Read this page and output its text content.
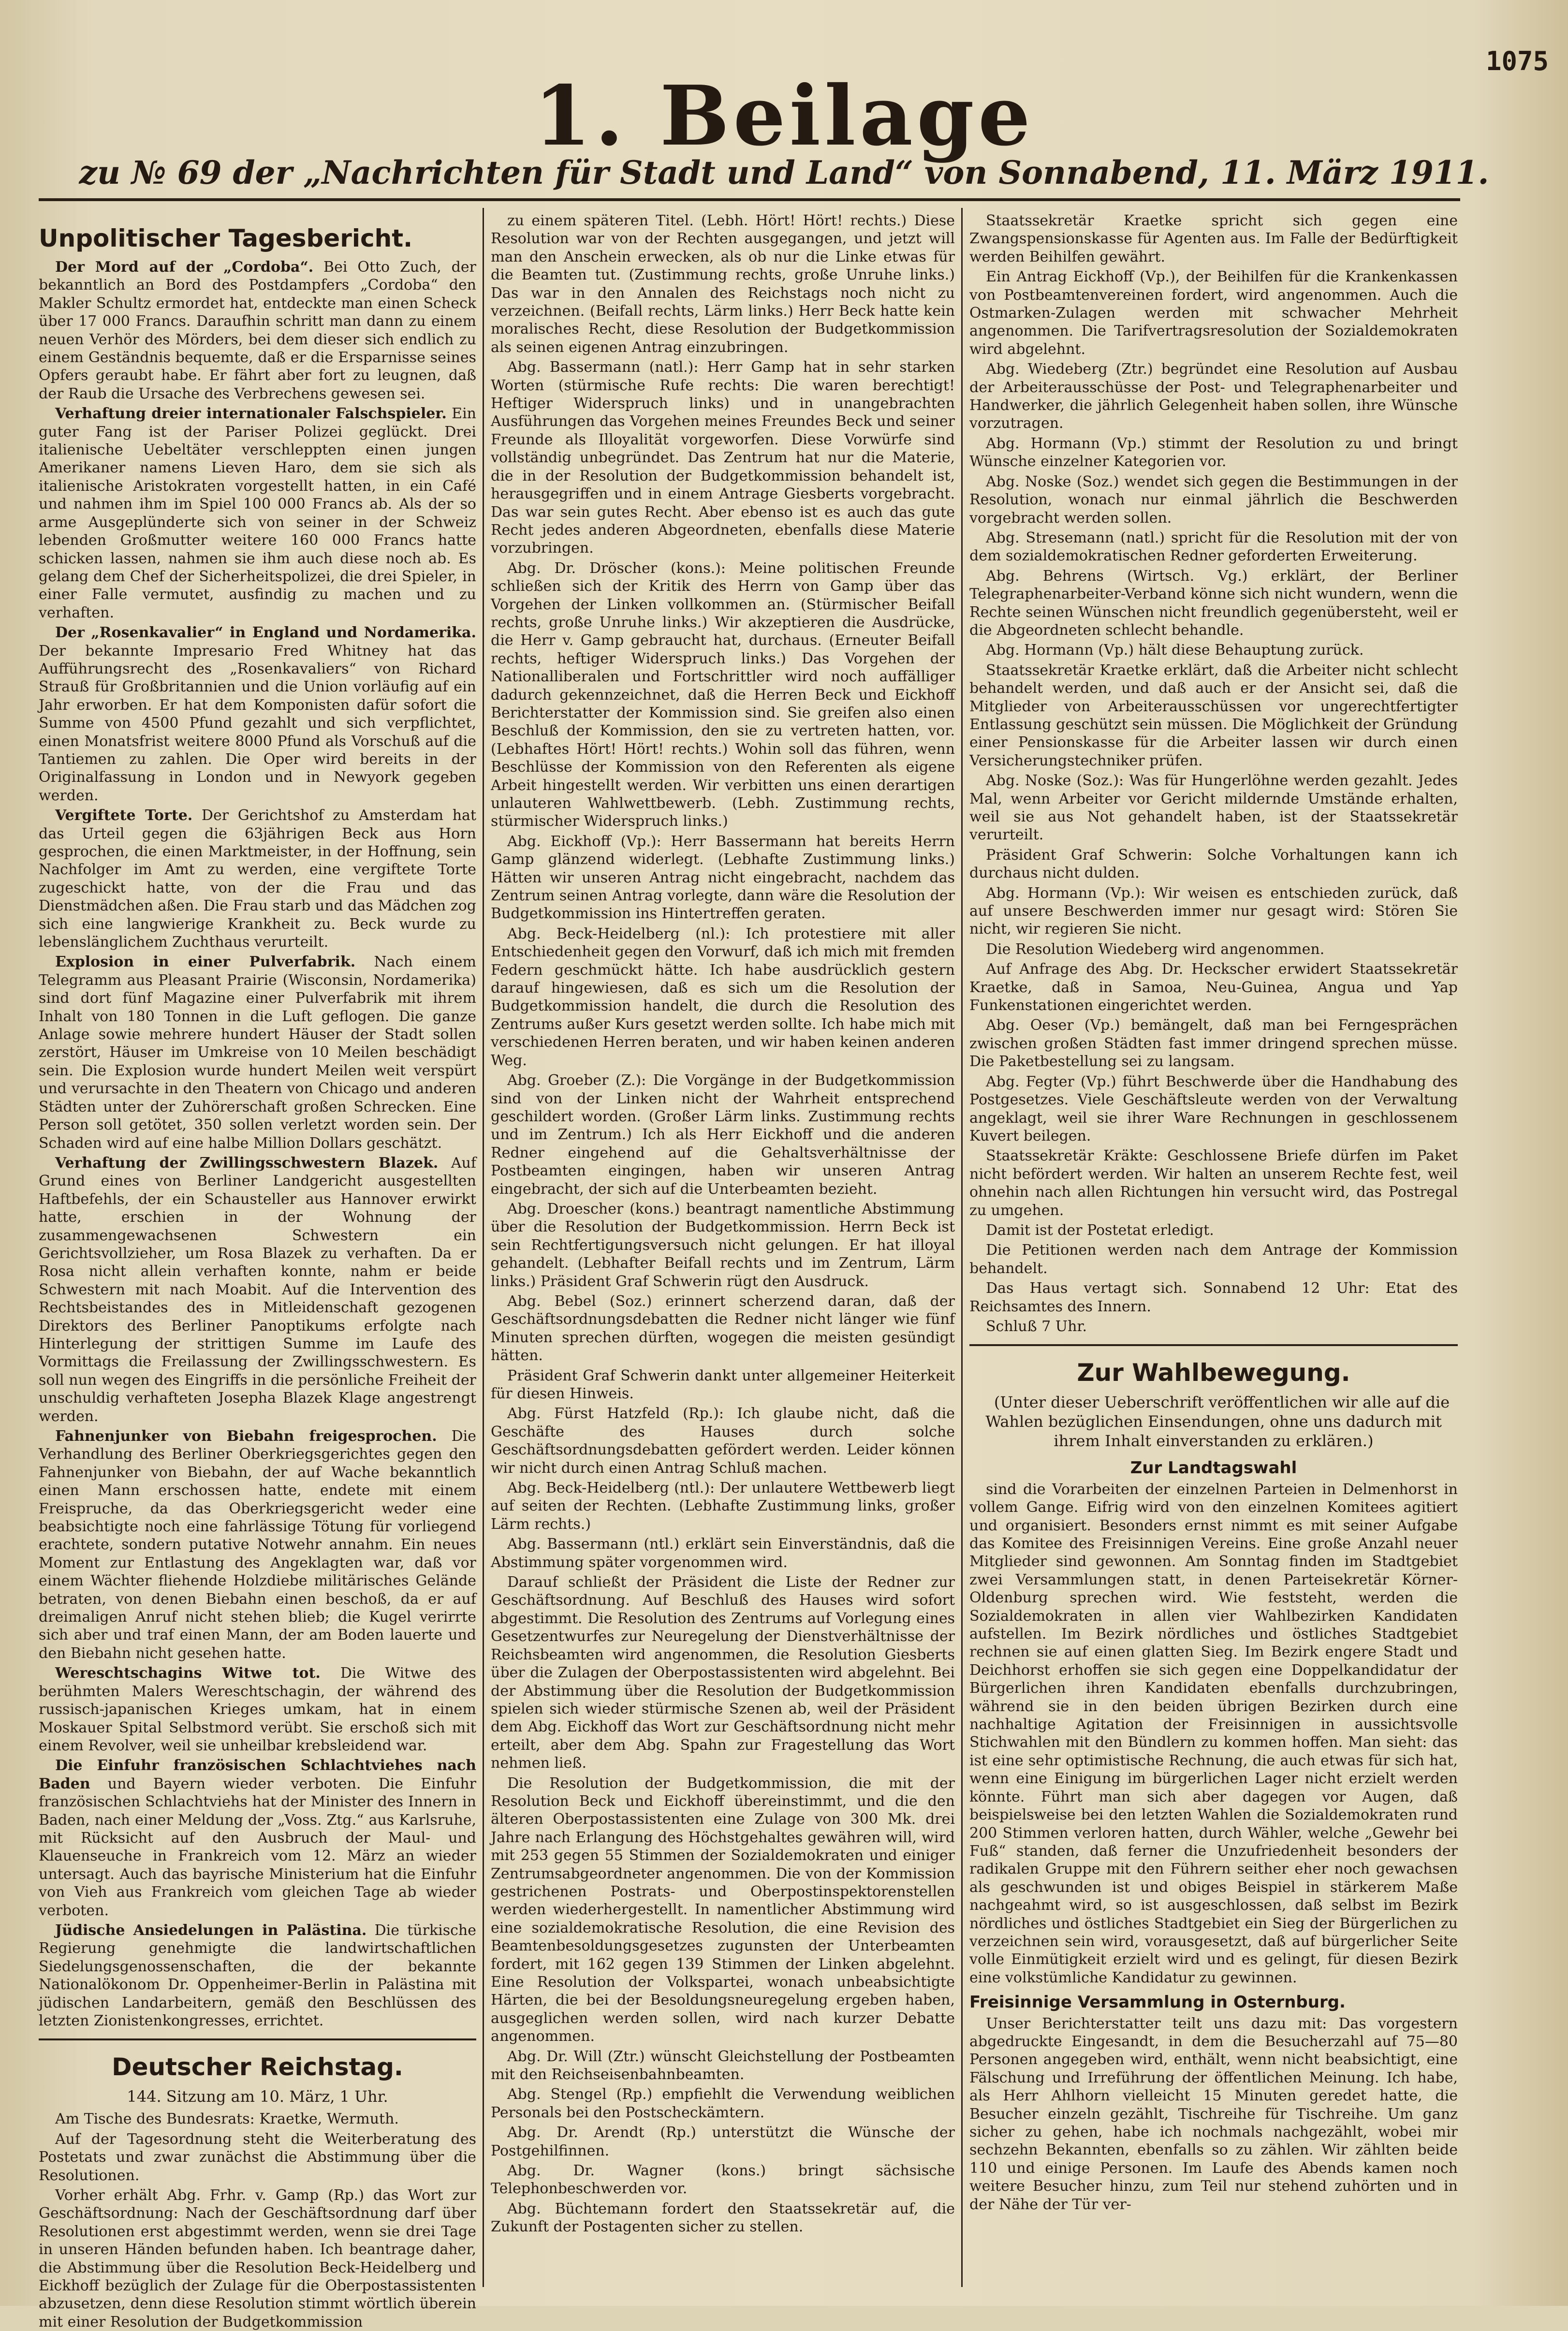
1075
1. Beilage
zu № 69 der „Nachrichten für Stadt und Land“ von Sonnabend, 11. März 1911.
Unpolitischer Tagesbericht.

Der Mord auf der „Cordoba“. Bei Otto Zuch, der bekanntlich an Bord des Postdampfers „Cordoba“ den Makler Schultz ermordet hat, entdeckte man einen Scheck über 17 000 Francs. Daraufhin schritt man dann zu einem neuen Verhör des Mörders, bei dem dieser sich endlich zu einem Geständnis bequemte, daß er die Ersparnisse seines Opfers geraubt habe. Er fährt aber fort zu leugnen, daß der Raub die Ursache des Verbrechens gewesen sei.

Verhaftung dreier internationaler Falschspieler. Ein guter Fang ist der Pariser Polizei geglückt. Drei italienische Uebeltäter verschleppten einen jungen Amerikaner namens Lieven Haro, dem sie sich als italienische Aristokraten vorgestellt hatten, in ein Café und nahmen ihm im Spiel 100 000 Francs ab. Als der so arme Ausgeplünderte sich von seiner in der Schweiz lebenden Großmutter weitere 160 000 Francs hatte schicken lassen, nahmen sie ihm auch diese noch ab. Es gelang dem Chef der Sicherheitspolizei, die drei Spieler, in einer Falle vermutet, ausfindig zu machen und zu verhaften.

Der „Rosenkavalier“ in England und Nordamerika. Der bekannte Impresario Fred Whitney hat das Aufführungsrecht des „Rosenkavaliers“ von Richard Strauß für Großbritannien und die Union vorläufig auf ein Jahr erworben. Er hat dem Komponisten dafür sofort die Summe von 4500 Pfund gezahlt und sich verpflichtet, einen Monatsfrist weitere 8000 Pfund als Vorschuß auf die Tantiemen zu zahlen. Die Oper wird bereits in der Originalfassung in London und in Newyork gegeben werden.

Vergiftete Torte. Der Gerichtshof zu Amsterdam hat das Urteil gegen die 63jährigen Beck aus Horn gesprochen, die einen Marktmeister, in der Hoffnung, sein Nachfolger im Amt zu werden, eine vergiftete Torte zugeschickt hatte, von der die Frau und das Dienstmädchen aßen. Die Frau starb und das Mädchen zog sich eine langwierige Krankheit zu. Beck wurde zu lebenslänglichem Zuchthaus verurteilt.

Explosion in einer Pulverfabrik. Nach einem Telegramm aus Pleasant Prairie (Wisconsin, Nordamerika) sind dort fünf Magazine einer Pulverfabrik mit ihrem Inhalt von 180 Tonnen in die Luft geflogen. Die ganze Anlage sowie mehrere hundert Häuser der Stadt sollen zerstört, Häuser im Umkreise von 10 Meilen beschädigt sein. Die Explosion wurde hundert Meilen weit verspürt und verursachte in den Theatern von Chicago und anderen Städten unter der Zuhörerschaft großen Schrecken. Eine Person soll getötet, 350 sollen verletzt worden sein. Der Schaden wird auf eine halbe Million Dollars geschätzt.

Verhaftung der Zwillingsschwestern Blazek. Auf Grund eines von Berliner Landgericht ausgestellten Haftbefehls, der ein Schausteller aus Hannover erwirkt hatte, erschien in der Wohnung der zusammengewachsenen Schwestern ein Gerichtsvollzieher, um Rosa Blazek zu verhaften. Da er Rosa nicht allein verhaften konnte, nahm er beide Schwestern mit nach Moabit. Auf die Intervention des Rechtsbeistandes des in Mitleidenschaft gezogenen Direktors des Berliner Panoptikums erfolgte nach Hinterlegung der strittigen Summe im Laufe des Vormittags die Freilassung der Zwillingsschwestern. Es soll nun wegen des Eingriffs in die persönliche Freiheit der unschuldig verhafteten Josepha Blazek Klage angestrengt werden.

Fahnenjunker von Biebahn freigesprochen. Die Verhandlung des Berliner Oberkriegsgerichtes gegen den Fahnenjunker von Biebahn, der auf Wache bekanntlich einen Mann erschossen hatte, endete mit einem Freispruche, da das Oberkriegsgericht weder eine beabsichtigte noch eine fahrlässige Tötung für vorliegend erachtete, sondern putative Notwehr annahm. Ein neues Moment zur Entlastung des Angeklagten war, daß vor einem Wächter fliehende Holzdiebe militärisches Gelände betraten, von denen Biebahn einen beschoß, da er auf dreimaligen Anruf nicht stehen blieb; die Kugel verirrte sich aber und traf einen Mann, der am Boden lauerte und den Biebahn nicht gesehen hatte.

Wereschtschagins Witwe tot. Die Witwe des berühmten Malers Wereschtschagin, der während des russisch-japanischen Krieges umkam, hat in einem Moskauer Spital Selbstmord verübt. Sie erschoß sich mit einem Revolver, weil sie unheilbar krebsleidend war.

Die Einfuhr französischen Schlachtviehes nach Baden und Bayern wieder verboten. Die Einfuhr französischen Schlachtviehs hat der Minister des Innern in Baden, nach einer Meldung der „Voss. Ztg.“ aus Karlsruhe, mit Rücksicht auf den Ausbruch der Maul- und Klauenseuche in Frankreich vom 12. März an wieder untersagt. Auch das bayrische Ministerium hat die Einfuhr von Vieh aus Frankreich vom gleichen Tage ab wieder verboten.

Jüdische Ansiedelungen in Palästina. Die türkische Regierung genehmigte die landwirtschaftlichen Siedelungsgenossenschaften, die der bekannte Nationalökonom Dr. Oppenheimer-Berlin in Palästina mit jüdischen Landarbeitern, gemäß den Beschlüssen des letzten Zionistenkongresses, errichtet.

Deutscher Reichstag.
144. Sitzung am 10. März, 1 Uhr.

Am Tische des Bundesrats: Kraetke, Wermuth.

Auf der Tagesordnung steht die Weiterberatung des Postetats und zwar zunächst die Abstimmung über die Resolutionen.

Vorher erhält Abg. Frhr. v. Gamp (Rp.) das Wort zur Geschäftsordnung: Nach der Geschäftsordnung darf über Resolutionen erst abgestimmt werden, wenn sie drei Tage in unseren Händen befunden haben. Ich beantrage daher, die Abstimmung über die Resolution Beck-Heidelberg und Eickhoff bezüglich der Zulage für die Oberpostassistenten abzusetzen, denn diese Resolution stimmt wörtlich überein mit einer Resolution der Budgetkommission

zu einem späteren Titel. (Lebh. Hört! Hört! rechts.) Diese Resolution war von der Rechten ausgegangen, und jetzt will man den Anschein erwecken, als ob nur die Linke etwas für die Beamten tut. (Zustimmung rechts, große Unruhe links.) Das war in den Annalen des Reichstags noch nicht zu verzeichnen. (Beifall rechts, Lärm links.) Herr Beck hatte kein moralisches Recht, diese Resolution der Budgetkommission als seinen eigenen Antrag einzubringen.

Abg. Bassermann (natl.): Herr Gamp hat in sehr starken Worten (stürmische Rufe rechts: Die waren berechtigt! Heftiger Widerspruch links) und in unangebrachten Ausführungen das Vorgehen meines Freundes Beck und seiner Freunde als Illoyalität vorgeworfen. Diese Vorwürfe sind vollständig unbegründet. Das Zentrum hat nur die Materie, die in der Resolution der Budgetkommission behandelt ist, herausgegriffen und in einem Antrage Giesberts vorgebracht. Das war sein gutes Recht. Aber ebenso ist es auch das gute Recht jedes anderen Abgeordneten, ebenfalls diese Materie vorzubringen.

Abg. Dr. Dröscher (kons.): Meine politischen Freunde schließen sich der Kritik des Herrn von Gamp über das Vorgehen der Linken vollkommen an. (Stürmischer Beifall rechts, große Unruhe links.) Wir akzeptieren die Ausdrücke, die Herr v. Gamp gebraucht hat, durchaus. (Erneuter Beifall rechts, heftiger Widerspruch links.) Das Vorgehen der Nationalliberalen und Fortschrittler wird noch auffälliger dadurch gekennzeichnet, daß die Herren Beck und Eickhoff Berichterstatter der Kommission sind. Sie greifen also einen Beschluß der Kommission, den sie zu vertreten hatten, vor. (Lebhaftes Hört! Hört! rechts.) Wohin soll das führen, wenn Beschlüsse der Kommission von den Referenten als eigene Arbeit hingestellt werden. Wir verbitten uns einen derartigen unlauteren Wahlwettbewerb. (Lebh. Zustimmung rechts, stürmischer Widerspruch links.)

Abg. Eickhoff (Vp.): Herr Bassermann hat bereits Herrn Gamp glänzend widerlegt. (Lebhafte Zustimmung links.) Hätten wir unseren Antrag nicht eingebracht, nachdem das Zentrum seinen Antrag vorlegte, dann wäre die Resolution der Budgetkommission ins Hintertreffen geraten.

Abg. Beck-Heidelberg (nl.): Ich protestiere mit aller Entschiedenheit gegen den Vorwurf, daß ich mich mit fremden Federn geschmückt hätte. Ich habe ausdrücklich gestern darauf hingewiesen, daß es sich um die Resolution der Budgetkommission handelt, die durch die Resolution des Zentrums außer Kurs gesetzt werden sollte. Ich habe mich mit verschiedenen Herren beraten, und wir haben keinen anderen Weg.

Abg. Groeber (Z.): Die Vorgänge in der Budgetkommission sind von der Linken nicht der Wahrheit entsprechend geschildert worden. (Großer Lärm links. Zustimmung rechts und im Zentrum.) Ich als Herr Eickhoff und die anderen Redner eingehend auf die Gehaltsverhältnisse der Postbeamten eingingen, haben wir unseren Antrag eingebracht, der sich auf die Unterbeamten bezieht.

Abg. Droescher (kons.) beantragt namentliche Abstimmung über die Resolution der Budgetkommission. Herrn Beck ist sein Rechtfertigungsversuch nicht gelungen. Er hat illoyal gehandelt. (Lebhafter Beifall rechts und im Zentrum, Lärm links.) Präsident Graf Schwerin rügt den Ausdruck.

Abg. Bebel (Soz.) erinnert scherzend daran, daß der Geschäftsordnungsdebatten die Redner nicht länger wie fünf Minuten sprechen dürften, wogegen die meisten gesündigt hätten.

Präsident Graf Schwerin dankt unter allgemeiner Heiterkeit für diesen Hinweis.

Abg. Fürst Hatzfeld (Rp.): Ich glaube nicht, daß die Geschäfte des Hauses durch solche Geschäftsordnungsdebatten gefördert werden. Leider können wir nicht durch einen Antrag Schluß machen.

Abg. Beck-Heidelberg (ntl.): Der unlautere Wettbewerb liegt auf seiten der Rechten. (Lebhafte Zustimmung links, großer Lärm rechts.)

Abg. Bassermann (ntl.) erklärt sein Einverständnis, daß die Abstimmung später vorgenommen wird.

Darauf schließt der Präsident die Liste der Redner zur Geschäftsordnung. Auf Beschluß des Hauses wird sofort abgestimmt. Die Resolution des Zentrums auf Vorlegung eines Gesetzentwurfes zur Neuregelung der Dienstverhältnisse der Reichsbeamten wird angenommen, die Resolution Giesberts über die Zulagen der Oberpostassistenten wird abgelehnt. Bei der Abstimmung über die Resolution der Budgetkommission spielen sich wieder stürmische Szenen ab, weil der Präsident dem Abg. Eickhoff das Wort zur Geschäftsordnung nicht mehr erteilt, aber dem Abg. Spahn zur Fragestellung das Wort nehmen ließ.

Die Resolution der Budgetkommission, die mit der Resolution Beck und Eickhoff übereinstimmt, und die den älteren Oberpostassistenten eine Zulage von 300 Mk. drei Jahre nach Erlangung des Höchstgehaltes gewähren will, wird mit 253 gegen 55 Stimmen der Sozialdemokraten und einiger Zentrumsabgeordneter angenommen. Die von der Kommission gestrichenen Postrats- und Oberpostinspektorenstellen werden wiederhergestellt. In namentlicher Abstimmung wird eine sozialdemokratische Resolution, die eine Revision des Beamtenbesoldungsgesetzes zugunsten der Unterbeamten fordert, mit 162 gegen 139 Stimmen der Linken abgelehnt. Eine Resolution der Volkspartei, wonach unbeabsichtigte Härten, die bei der Besoldungsneuregelung ergeben haben, ausgeglichen werden sollen, wird nach kurzer Debatte angenommen.

Abg. Dr. Will (Ztr.) wünscht Gleichstellung der Postbeamten mit den Reichseisenbahnbeamten.

Abg. Stengel (Rp.) empfiehlt die Verwendung weiblichen Personals bei den Postscheckämtern.

Abg. Dr. Arendt (Rp.) unterstützt die Wünsche der Postgehilfinnen.

Abg. Dr. Wagner (kons.) bringt sächsische Telephonbeschwerden vor.

Abg. Büchtemann fordert den Staatssekretär auf, die Zukunft der Postagenten sicher zu stellen.

Staatssekretär Kraetke spricht sich gegen eine Zwangspensionskasse für Agenten aus. Im Falle der Bedürftigkeit werden Beihilfen gewährt.

Ein Antrag Eickhoff (Vp.), der Beihilfen für die Krankenkassen von Postbeamtenvereinen fordert, wird angenommen. Auch die Ostmarken-Zulagen werden mit schwacher Mehrheit angenommen. Die Tarifvertragsresolution der Sozialdemokraten wird abgelehnt.

Abg. Wiedeberg (Ztr.) begründet eine Resolution auf Ausbau der Arbeiterausschüsse der Post- und Telegraphenarbeiter und Handwerker, die jährlich Gelegenheit haben sollen, ihre Wünsche vorzutragen.

Abg. Hormann (Vp.) stimmt der Resolution zu und bringt Wünsche einzelner Kategorien vor.

Abg. Noske (Soz.) wendet sich gegen die Bestimmungen in der Resolution, wonach nur einmal jährlich die Beschwerden vorgebracht werden sollen.

Abg. Stresemann (natl.) spricht für die Resolution mit der von dem sozialdemokratischen Redner geforderten Erweiterung.

Abg. Behrens (Wirtsch. Vg.) erklärt, der Berliner Telegraphenarbeiter-Verband könne sich nicht wundern, wenn die Rechte seinen Wünschen nicht freundlich gegenübersteht, weil er die Abgeordneten schlecht behandle.

Abg. Hormann (Vp.) hält diese Behauptung zurück.

Staatssekretär Kraetke erklärt, daß die Arbeiter nicht schlecht behandelt werden, und daß auch er der Ansicht sei, daß die Mitglieder von Arbeiterausschüssen vor ungerechtfertigter Entlassung geschützt sein müssen. Die Möglichkeit der Gründung einer Pensionskasse für die Arbeiter lassen wir durch einen Versicherungstechniker prüfen.

Abg. Noske (Soz.): Was für Hungerlöhne werden gezahlt. Jedes Mal, wenn Arbeiter vor Gericht mildernde Umstände erhalten, weil sie aus Not gehandelt haben, ist der Staatssekretär verurteilt.

Präsident Graf Schwerin: Solche Vorhaltungen kann ich durchaus nicht dulden.

Abg. Hormann (Vp.): Wir weisen es entschieden zurück, daß auf unsere Beschwerden immer nur gesagt wird: Stören Sie nicht, wir regieren Sie nicht.

Die Resolution Wiedeberg wird angenommen.

Auf Anfrage des Abg. Dr. Heckscher erwidert Staatssekretär Kraetke, daß in Samoa, Neu-Guinea, Angua und Yap Funkenstationen eingerichtet werden.

Abg. Oeser (Vp.) bemängelt, daß man bei Ferngesprächen zwischen großen Städten fast immer dringend sprechen müsse. Die Paketbestellung sei zu langsam.

Abg. Fegter (Vp.) führt Beschwerde über die Handhabung des Postgesetzes. Viele Geschäftsleute werden von der Verwaltung angeklagt, weil sie ihrer Ware Rechnungen in geschlossenem Kuvert beilegen.

Staatssekretär Kräkte: Geschlossene Briefe dürfen im Paket nicht befördert werden. Wir halten an unserem Rechte fest, weil ohnehin nach allen Richtungen hin versucht wird, das Postregal zu umgehen.

Damit ist der Postetat erledigt.

Die Petitionen werden nach dem Antrage der Kommission behandelt.

Das Haus vertagt sich. Sonnabend 12 Uhr: Etat des Reichsamtes des Innern.

Schluß 7 Uhr.

Zur Wahlbewegung.

(Unter dieser Ueberschrift veröffentlichen wir alle auf die Wahlen bezüglichen Einsendungen, ohne uns dadurch mit ihrem Inhalt einverstanden zu erklären.)

Zur Landtagswahl

sind die Vorarbeiten der einzelnen Parteien in Delmenhorst in vollem Gange. Eifrig wird von den einzelnen Komitees agitiert und organisiert. Besonders ernst nimmt es mit seiner Aufgabe das Komitee des Freisinnigen Vereins. Eine große Anzahl neuer Mitglieder sind gewonnen. Am Sonntag finden im Stadtgebiet zwei Versammlungen statt, in denen Parteisekretär Körner-Oldenburg sprechen wird. Wie feststeht, werden die Sozialdemokraten in allen vier Wahlbezirken Kandidaten aufstellen. Im Bezirk nördliches und östliches Stadtgebiet rechnen sie auf einen glatten Sieg. Im Bezirk engere Stadt und Deichhorst erhoffen sie sich gegen eine Doppelkandidatur der Bürgerlichen ihren Kandidaten ebenfalls durchzubringen, während sie in den beiden übrigen Bezirken durch eine nachhaltige Agitation der Freisinnigen in aussichtsvolle Stichwahlen mit den Bündlern zu kommen hoffen. Man sieht: das ist eine sehr optimistische Rechnung, die auch etwas für sich hat, wenn eine Einigung im bürgerlichen Lager nicht erzielt werden könnte. Führt man sich aber dagegen vor Augen, daß beispielsweise bei den letzten Wahlen die Sozialdemokraten rund 200 Stimmen verloren hatten, durch Wähler, welche „Gewehr bei Fuß“ standen, daß ferner die Unzufriedenheit besonders der radikalen Gruppe mit den Führern seither eher noch gewachsen als geschwunden ist und obiges Beispiel in stärkerem Maße nachgeahmt wird, so ist ausgeschlossen, daß selbst im Bezirk nördliches und östliches Stadtgebiet ein Sieg der Bürgerlichen zu verzeichnen sein wird, vorausgesetzt, daß auf bürgerlicher Seite volle Einmütigkeit erzielt wird und es gelingt, für diesen Bezirk eine volkstümliche Kandidatur zu gewinnen.

Freisinnige Versammlung in Osternburg.

Unser Berichterstatter teilt uns dazu mit: Das vorgestern abgedruckte Eingesandt, in dem die Besucherzahl auf 75—80 Personen angegeben wird, enthält, wenn nicht beabsichtigt, eine Fälschung und Irreführung der öffentlichen Meinung. Ich habe, als Herr Ahlhorn vielleicht 15 Minuten geredet hatte, die Besucher einzeln gezählt, Tischreihe für Tischreihe. Um ganz sicher zu gehen, habe ich nochmals nachgezählt, wobei mir sechzehn Bekannten, ebenfalls so zu zählen. Wir zählten beide 110 und einige Personen. Im Laufe des Abends kamen noch weitere Besucher hinzu, zum Teil nur stehend zuhörten und in der Nähe der Tür ver-
